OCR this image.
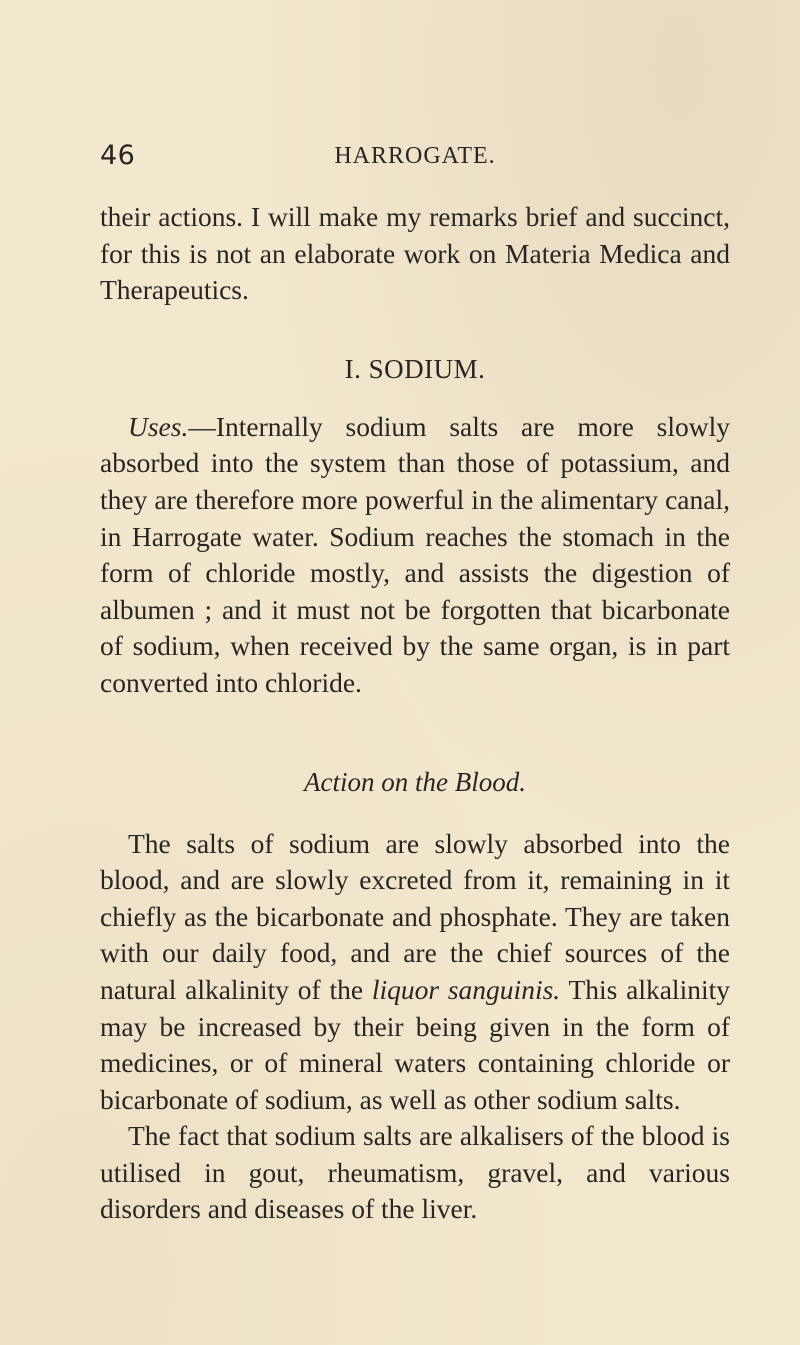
46	HARROGATE.

their actions. I will make my remarks brief and succinct, for this is not an elaborate work on Materia Medica and Therapeutics.

I. SODIUM.

Uses.—Internally sodium salts are more slowly absorbed into the system than those of potassium, and they are therefore more powerful in the alimentary canal, in Harrogate water. Sodium reaches the stomach in the form of chloride mostly, and assists the digestion of albumen ; and it must not be forgotten that bicarbonate of sodium, when received by the same organ, is in part converted into chloride.

Action on the Blood.

The salts of sodium are slowly absorbed into the blood, and are slowly excreted from it, remaining in it chiefly as the bicarbonate and phosphate. They are taken with our daily food, and are the chief sources of the natural alkalinity of the liquor sanguinis. This alkalinity may be increased by their being given in the form of medicines, or of mineral waters containing chloride or bicarbonate of sodium, as well as other sodium salts.

The fact that sodium salts are alkalisers of the blood is utilised in gout, rheumatism, gravel, and various disorders and diseases of the liver.
